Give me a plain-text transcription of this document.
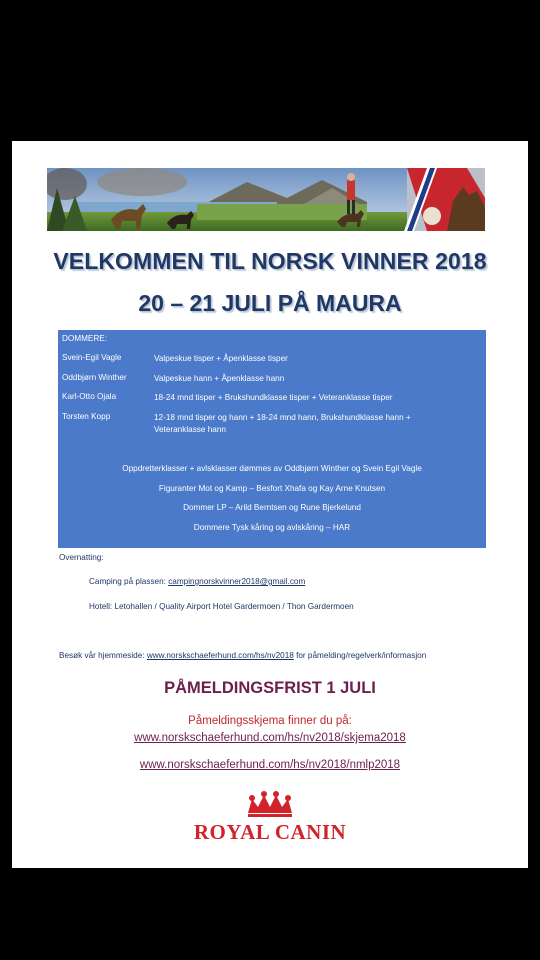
VELKOMMEN TIL NORSK VINNER 2018
20 – 21 JULI PÅ MAURA
DOMMERE:
Svein-Egil Vagle	Valpeskue tisper + Åpenklasse tisper
Oddbjørn Winther	Valpeskue hann + Åpenklasse hann
Karl-Otto Ojala	18-24 mnd tisper + Brukshundklasse tisper + Veteranklasse tisper
Torsten Kopp	12-18 mnd tisper og hann + 18-24 mnd hann, Brukshundklasse hann + Veteranklasse hann
Oppdretterklasser + avlsklasser dømmes av Oddbjørn Winther og Svein Egil Vagle
Figuranter Mot og Kamp – Besfort Xhafa og Kay Arne Knutsen
Dommer LP – Arild Berntsen og Rune Bjerkelund
Dommere Tysk kåring og avlskåring – HAR
Overnatting:
Camping på plassen: campingnorskvinner2018@gmail.com
Hotell: Letohallen / Quality Airport Hotel Gardermoen / Thon Gardermoen
Besøk vår hjemmeside: www.norskschaeferhund.com/hs/nv2018 for påmelding/regelverk/informasjon
PÅMELDINGSFRIST 1 JULI
Påmeldingsskjema finner du på:
www.norskschaeferhund.com/hs/nv2018/skjema2018
www.norskschaeferhund.com/hs/nv2018/nmlp2018
ROYAL CANIN
